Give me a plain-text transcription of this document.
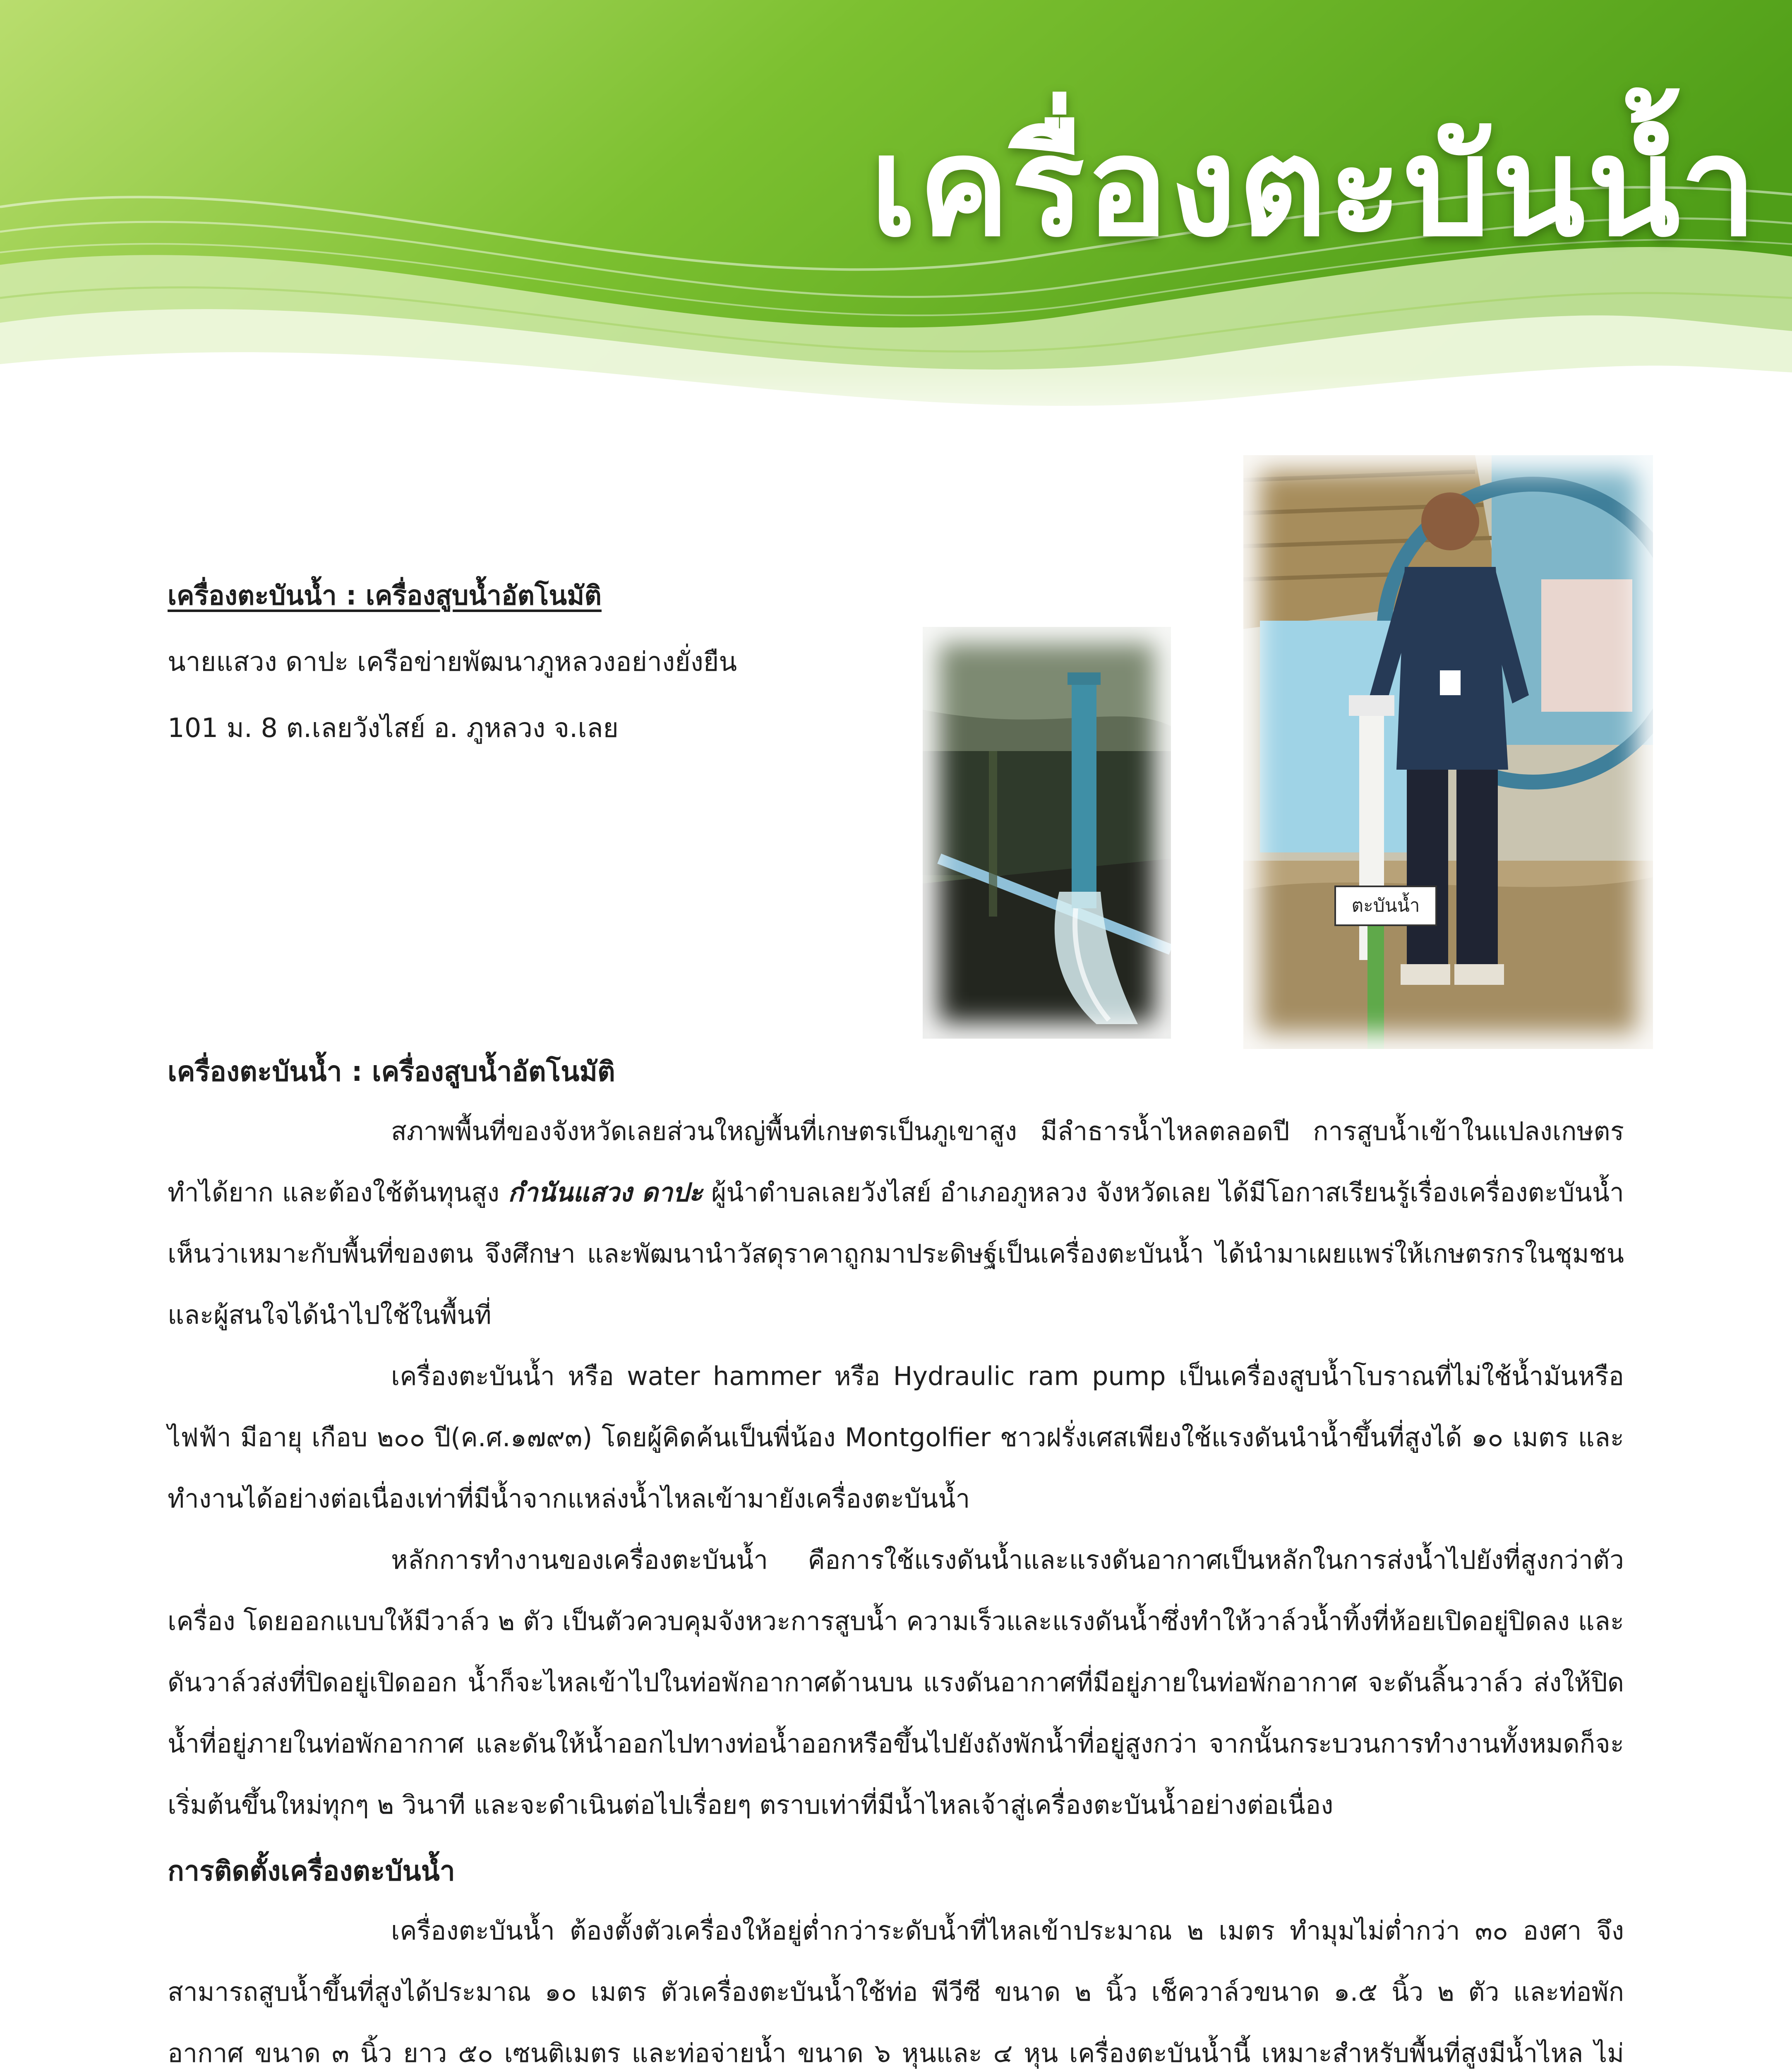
เครื่องตะบันน้ำ

เครื่องตะบันน้ำ : เครื่องสูบน้ำอัตโนมัติ

นายแสวง ดาปะ เครือข่ายพัฒนาภูหลวงอย่างยั่งยืน

101 ม. 8 ต.เลยวังไสย์ อ. ภูหลวง จ.เลย

ตะบันน้ำ
เครื่องตะบันน้ำ : เครื่องสูบน้ำอัตโนมัติ

สภาพพื้นที่ของจังหวัดเลยส่วนใหญ่พื้นที่เกษตรเป็นภูเขาสูง มีลำธารน้ำไหลตลอดปี การสูบน้ำเข้าในแปลงเกษตรทำได้ยาก และต้องใช้ต้นทุนสูง กำนันแสวง ดาปะ ผู้นำตำบลเลยวังไสย์ อำเภอภูหลวง จังหวัดเลย ได้มีโอกาสเรียนรู้เรื่องเครื่องตะบันน้ำ เห็นว่าเหมาะกับพื้นที่ของตน จึงศึกษา และพัฒนานำวัสดุราคาถูกมาประดิษฐ์เป็นเครื่องตะบันน้ำ ได้นำมาเผยแพร่ให้เกษตรกรในชุมชนและผู้สนใจได้นำไปใช้ในพื้นที่

เครื่องตะบันน้ำ หรือ water hammer หรือ Hydraulic ram pump เป็นเครื่องสูบน้ำโบราณที่ไม่ใช้น้ำมันหรือไฟฟ้า มีอายุ เกือบ ๒๐๐ ปี(ค.ศ.๑๗๙๓) โดยผู้คิดค้นเป็นพี่น้อง Montgolfier ชาวฝรั่งเศสเพียงใช้แรงดันนำน้ำขึ้นที่สูงได้ ๑๐ เมตร และทำงานได้อย่างต่อเนื่องเท่าที่มีน้ำจากแหล่งน้ำไหลเข้ามายังเครื่องตะบันน้ำ

หลักการทำงานของเครื่องตะบันน้ำ คือการใช้แรงดันน้ำและแรงดันอากาศเป็นหลักในการส่งน้ำไปยังที่สูงกว่าตัวเครื่อง โดยออกแบบให้มีวาล์ว ๒ ตัว เป็นตัวควบคุมจังหวะการสูบน้ำ ความเร็วและแรงดันน้ำซึ่งทำให้วาล์วน้ำทิ้งที่ห้อยเปิดอยู่ปิดลง และดันวาล์วส่งที่ปิดอยู่เปิดออก น้ำก็จะไหลเข้าไปในท่อพักอากาศด้านบน แรงดันอากาศที่มีอยู่ภายในท่อพักอากาศ จะดันลิ้นวาล์ว ส่งให้ปิดน้ำที่อยู่ภายในท่อพักอากาศ และดันให้น้ำออกไปทางท่อน้ำออกหรือขึ้นไปยังถังพักน้ำที่อยู่สูงกว่า จากนั้นกระบวนการทำงานทั้งหมดก็จะเริ่มต้นขึ้นใหม่ทุกๆ ๒ วินาที และจะดำเนินต่อไปเรื่อยๆ ตราบเท่าที่มีน้ำไหลเจ้าสู่เครื่องตะบันน้ำอย่างต่อเนื่อง

การติดตั้งเครื่องตะบันน้ำ

เครื่องตะบันน้ำ ต้องตั้งตัวเครื่องให้อยู่ต่ำกว่าระดับน้ำที่ไหลเข้าประมาณ ๒ เมตร ทำมุมไม่ต่ำกว่า ๓๐ องศา จึงสามารถสูบน้ำขึ้นที่สูงได้ประมาณ ๑๐ เมตร ตัวเครื่องตะบันน้ำใช้ท่อ พีวีซี ขนาด ๒ นิ้ว เช็ควาล์วขนาด ๑.๕ นิ้ว ๒ ตัว และท่อพักอากาศ ขนาด ๓ นิ้ว ยาว ๕๐ เซนติเมตร และท่อจ่ายน้ำ ขนาด ๖ หุนและ ๔ หุน เครื่องตะบันน้ำนี้ เหมาะสำหรับพื้นที่สูงมีน้ำไหล ไม่
